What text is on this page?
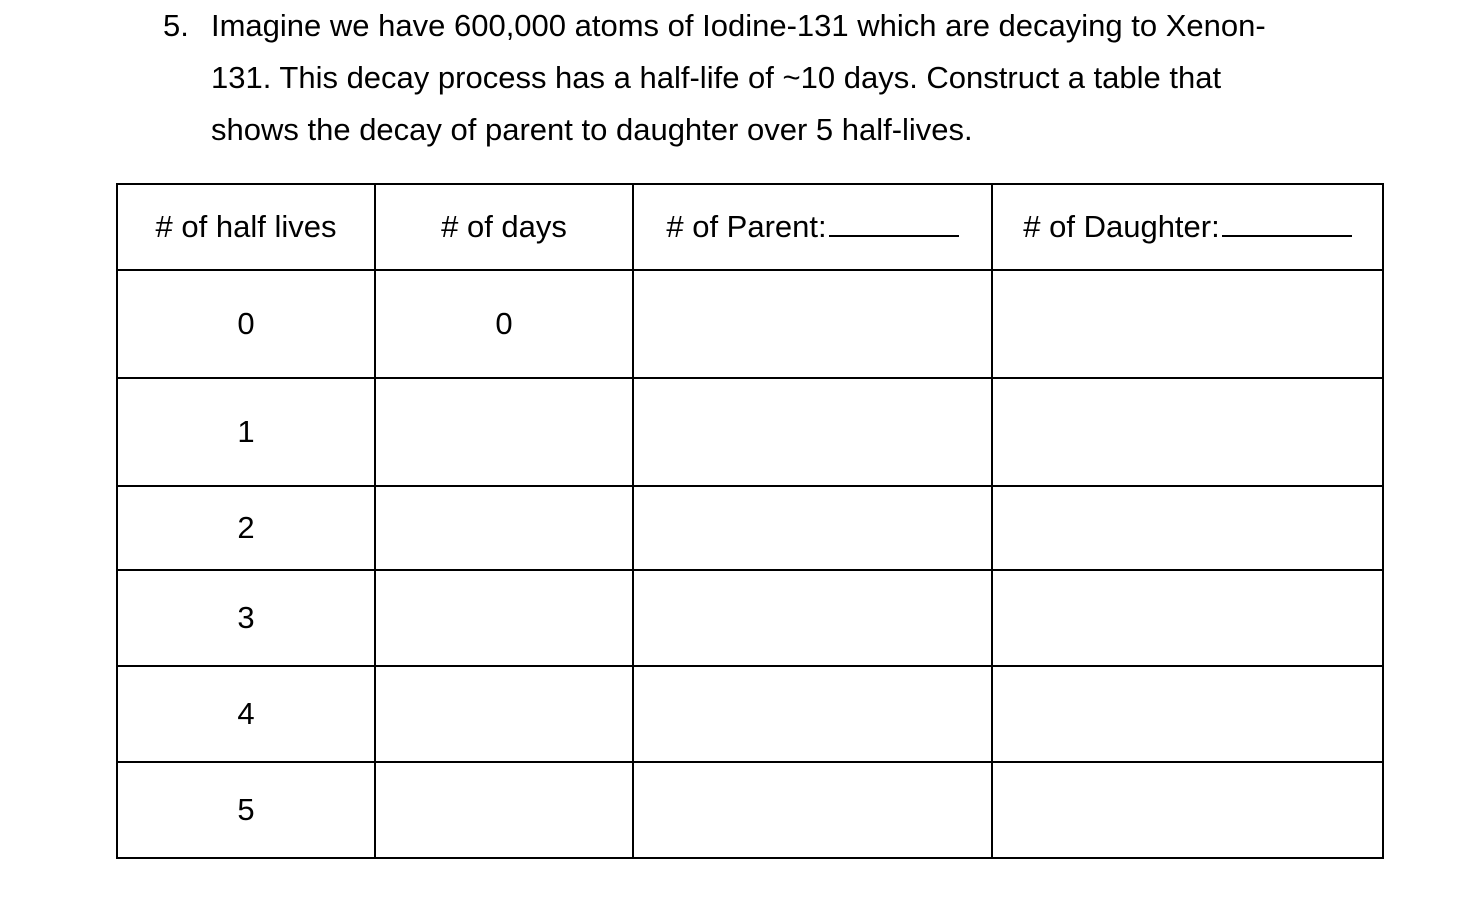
5. Imagine we have 600,000 atoms of Iodine-131 which are decaying to Xenon-
131. This decay process has a half-life of ~10 days. Construct a table that
shows the decay of parent to daughter over 5 half-lives.
# of half lives	# of days	# of Parent:	# of Daughter:
0	0		
1			
2			
3			
4			
5			
